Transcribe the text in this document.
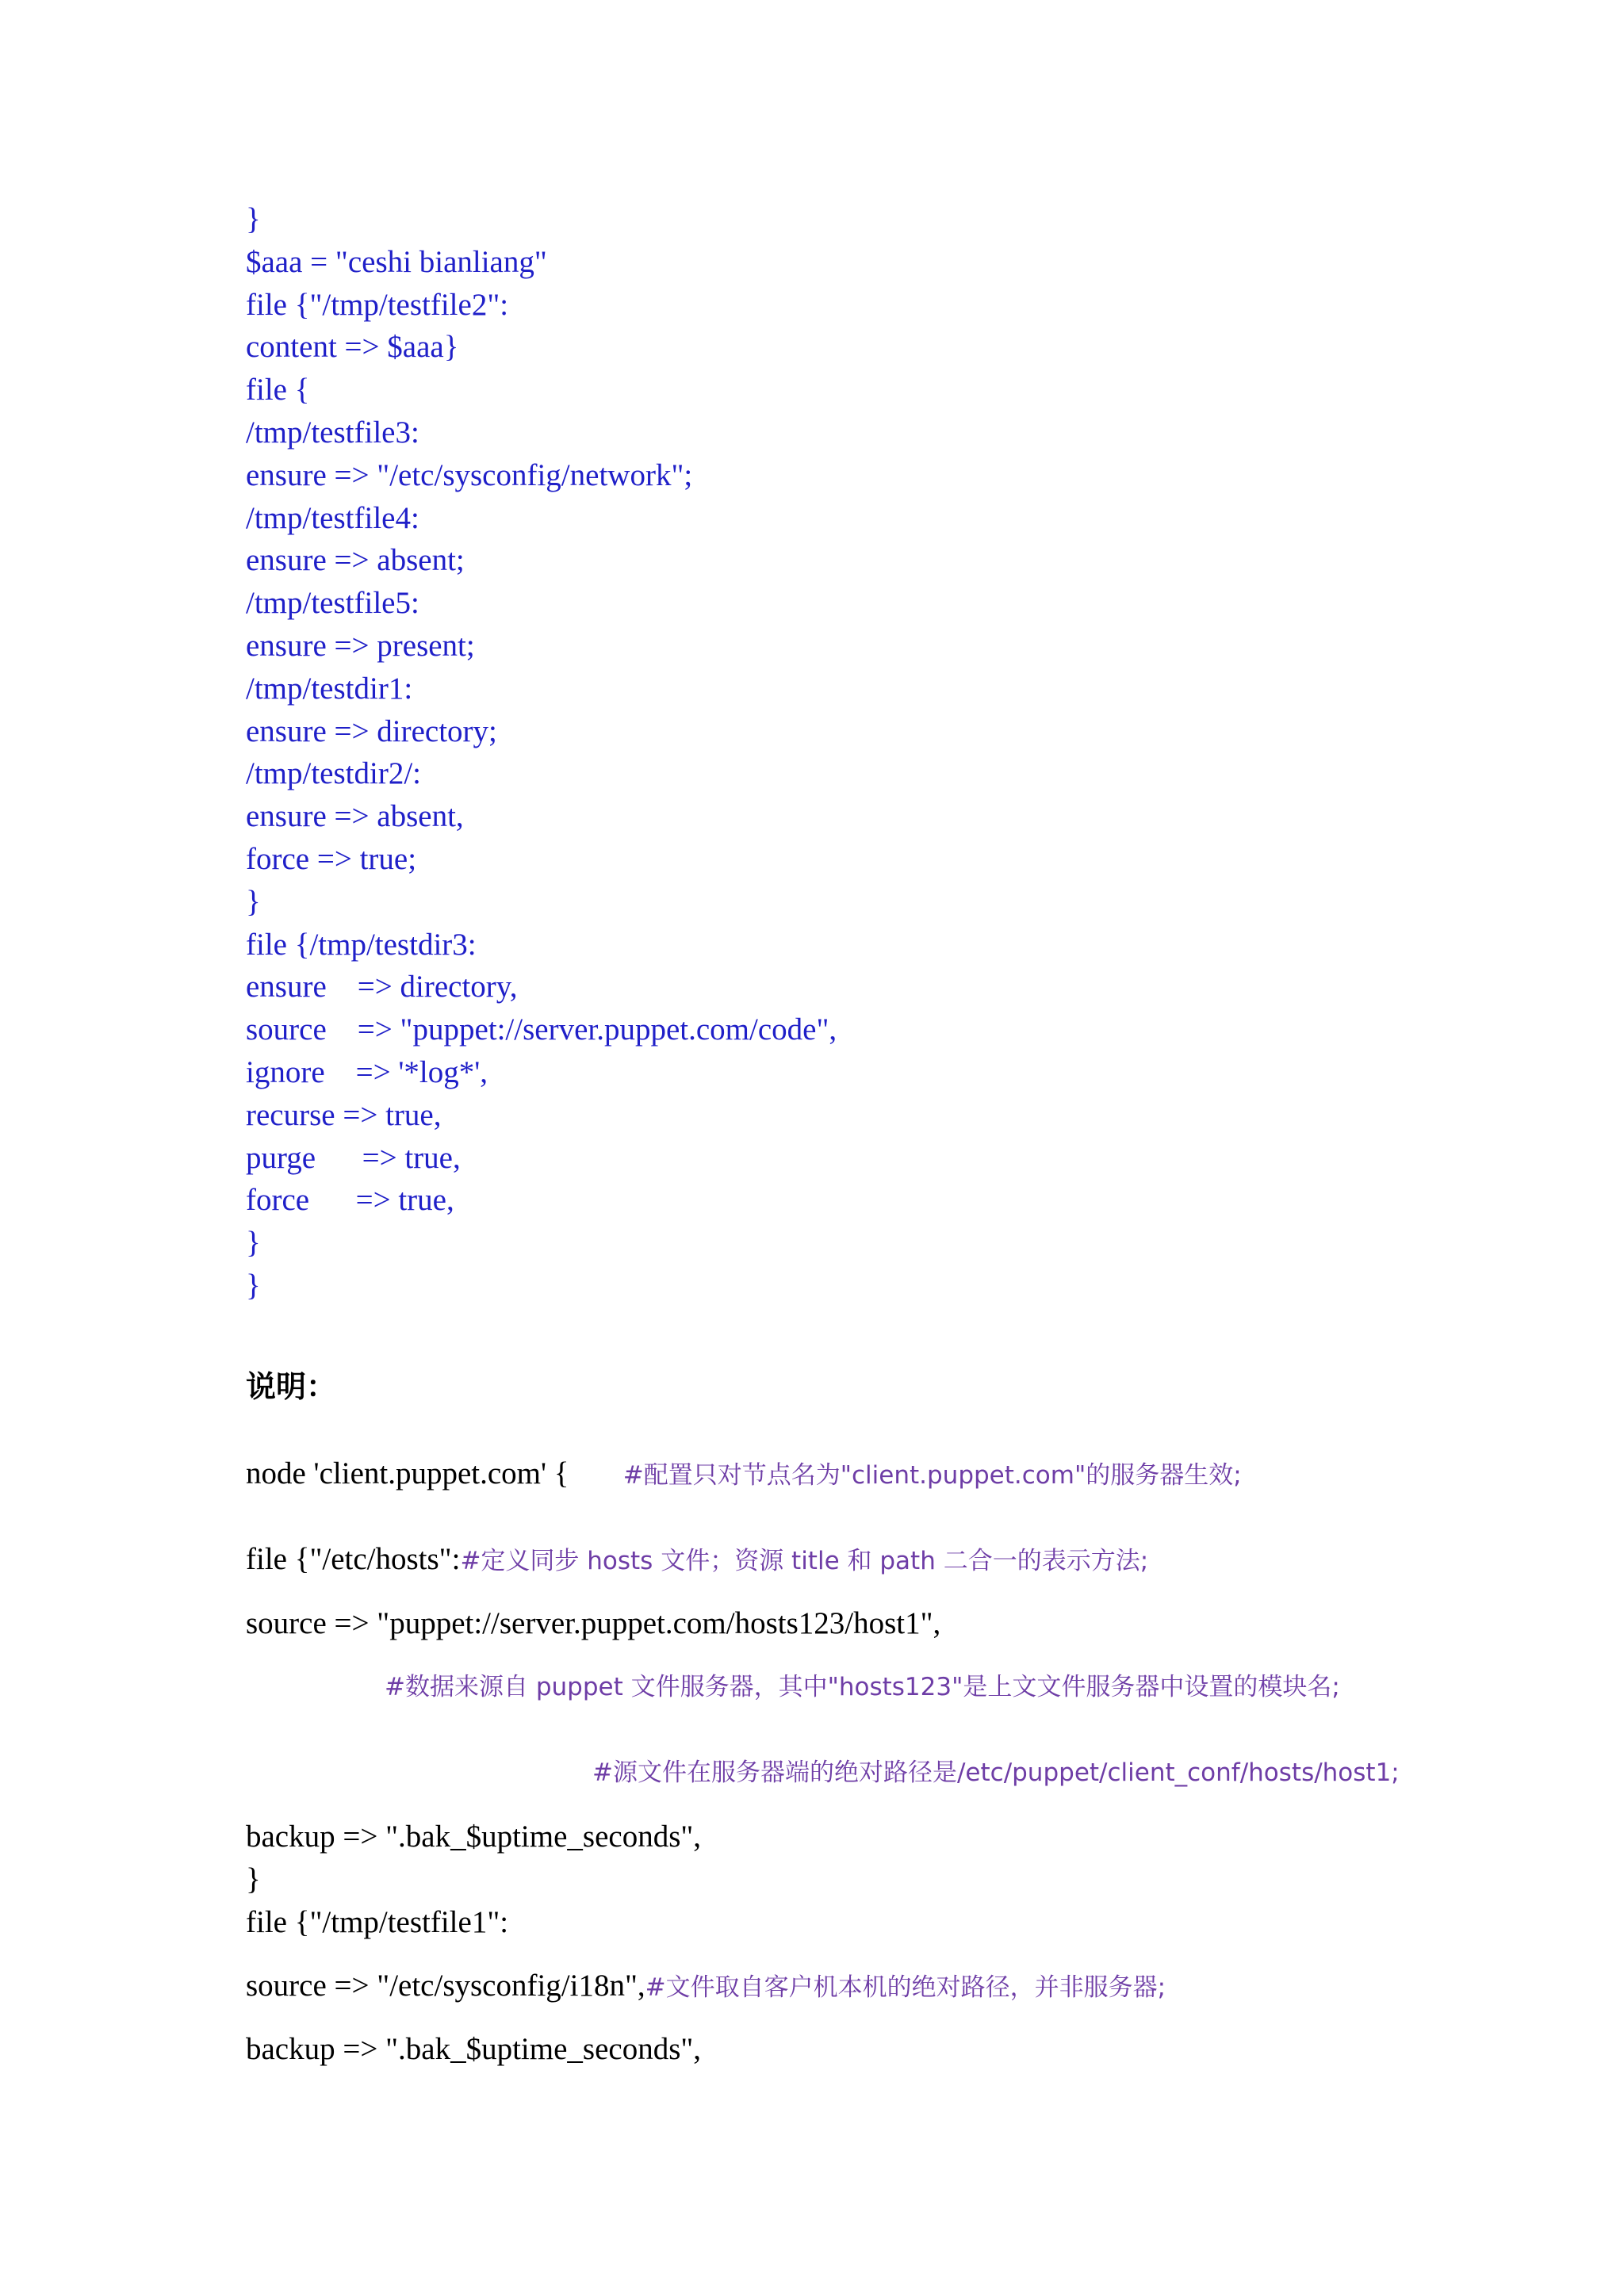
}
$aaa = "ceshi bianliang"
file {"/tmp/testfile2":
content => $aaa}
file {
/tmp/testfile3:
ensure => "/etc/sysconfig/network";
/tmp/testfile4:
ensure => absent;
/tmp/testfile5:
ensure => present;
/tmp/testdir1:
ensure => directory;
/tmp/testdir2/:
ensure => absent,
force => true;
}
file {/tmp/testdir3:
ensure    => directory,
source    => "puppet://server.puppet.com/code",
ignore    => '*log*',
recurse => true,
purge      => true,
force      => true,
}
}
说明：
node 'client.puppet.com' {       #配置只对节点名为"client.puppet.com"的服务器生效;
file {"/etc/hosts":#定义同步 hosts 文件；资源 title 和 path 二合一的表示方法;
source => "puppet://server.puppet.com/hosts123/host1",
#数据来源自 puppet 文件服务器，其中"hosts123"是上文文件服务器中设置的模块名;
#源文件在服务器端的绝对路径是/etc/puppet/client_conf/hosts/host1;
backup => ".bak_$uptime_seconds",
}
file {"/tmp/testfile1":
source => "/etc/sysconfig/i18n",#文件取自客户机本机的绝对路径，并非服务器;
backup => ".bak_$uptime_seconds",
